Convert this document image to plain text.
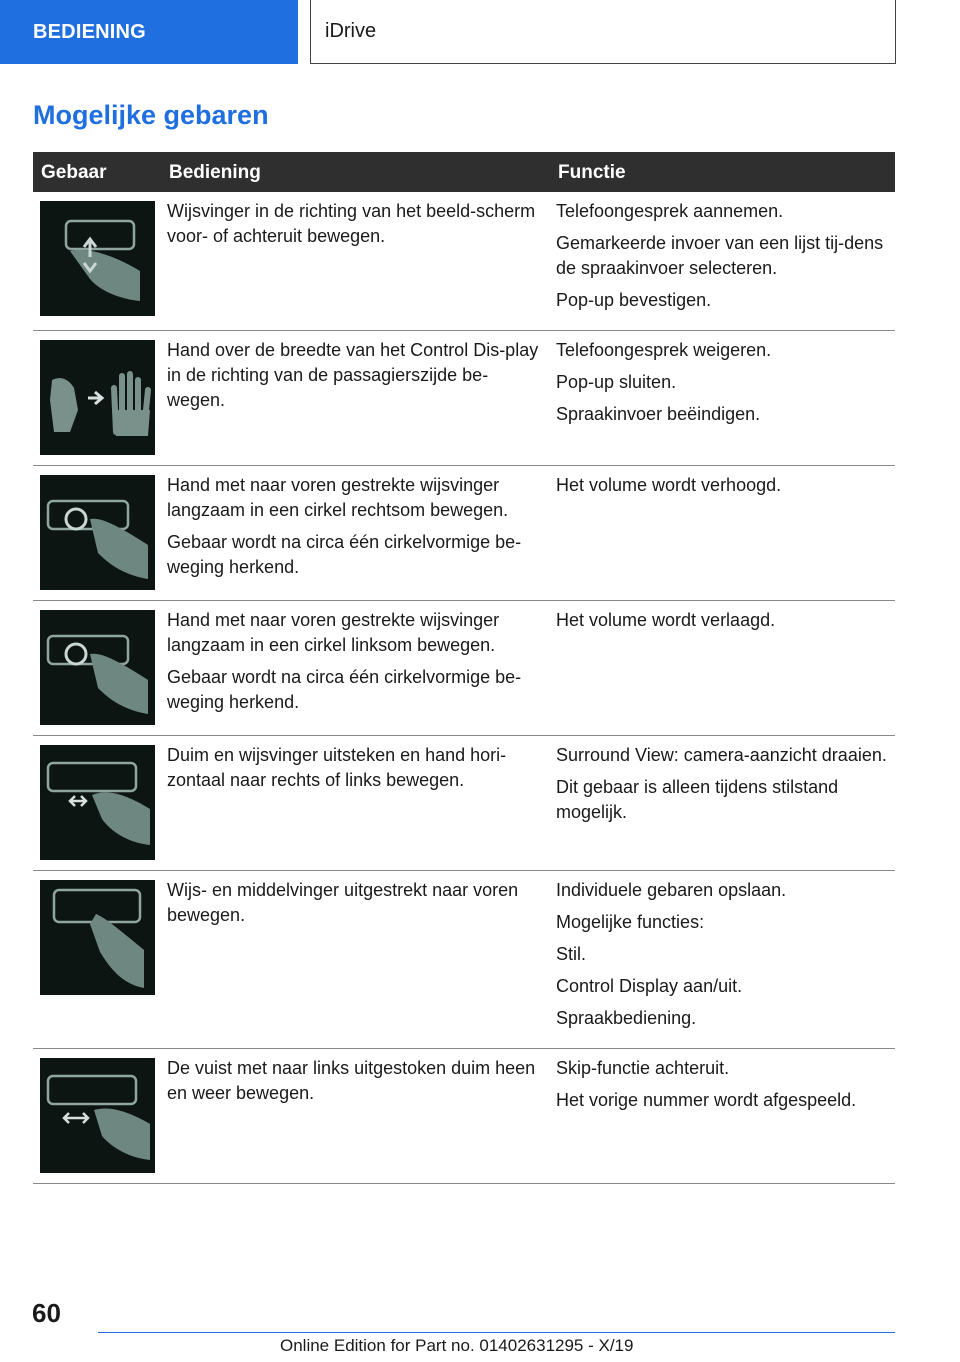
BEDIENING	iDrive
Mogelijke gebaren
Gebaar	Bediening	Functie

Wijsvinger in de richting van het beeld-scherm voor- of achteruit bewegen.	Telefoongesprek aannemen.

Gemarkeerde invoer van een lijst tij-dens de spraakinvoer selecteren.

Pop-up bevestigen.

Hand over de breedte van het Control Dis-play in de richting van de passagierszijde be-wegen.	Telefoongesprek weigeren.

Pop-up sluiten.

Spraakinvoer beëindigen.

Hand met naar voren gestrekte wijsvinger langzaam in een cirkel rechtsom bewegen.

Gebaar wordt na circa één cirkelvormige be-weging herkend.	Het volume wordt verhoogd.

Hand met naar voren gestrekte wijsvinger langzaam in een cirkel linksom bewegen.

Gebaar wordt na circa één cirkelvormige be-weging herkend.	Het volume wordt verlaagd.

Duim en wijsvinger uitsteken en hand hori-zontaal naar rechts of links bewegen.	Surround View: camera-aanzicht draaien.

Dit gebaar is alleen tijdens stilstand mogelijk.

Wijs- en middelvinger uitgestrekt naar voren bewegen.	Individuele gebaren opslaan.

Mogelijke functies:

Stil.

Control Display aan/uit.

Spraakbediening.

De vuist met naar links uitgestoken duim heen en weer bewegen.	Skip-functie achteruit.

Het vorige nummer wordt afgespeeld.

60
Online Edition for Part no. 01402631295 - X/19
